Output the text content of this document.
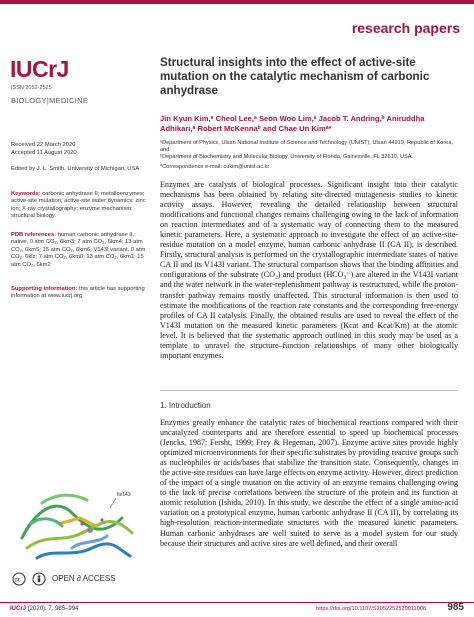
research papers
IUCrJ
ISSN 2052-2525
BIOLOGY|MEDICINE
Received 22 March 2020
Accepted 11 August 2020
Edited by J. L. Smith, University of Michigan, USA
Keywords: carbonic anhydrase II; metalloenzymes; active-site mutation; active-site water dynamics; zinc ion; X-ray crystallography; enzyme mechanism; structural biology.
PDB references: human carbonic anhydrase II, native, 0 atm CO₂, 6km3; 7 atm CO₂, 6km4; 13 atm CO₂, 6km5; 15 atm CO₂, 6km6; V143I variant, 0 atm CO₂, 6klz; 7 atm CO₂, 6km0; 13 atm CO₂, 6km1; 15 atm CO₂, 6km2
Supporting information: this article has supporting information at www.iucrj.org
Structural insights into the effect of active-site mutation on the catalytic mechanism of carbonic anhydrase
Jin Kyun Kim,ᵃ Cheol Lee,ᵃ Seon Woo Lim,ᵃ Jacob T. Andring,ᵇ Aniruddha Adhikari,ᵃ Robert McKennaᵇ and Chae Un Kimᵃ*
ᵃDepartment of Physics, Ulsan National Institute of Science and Technology (UNIST), Ulsan 44919, Republic of Korea, and
ᵇDepartment of Biochemistry and Molecular Biology, University of Florida, Gainesville, FL 32610, USA.
*Correspondence e-mail: cukim@unist.ac.kr
Enzymes are catalysts of biological processes. Significant insight into their catalytic mechanisms has been obtained by relating site-directed mutagenesis studies to kinetic activity assays. However, revealing the detailed relationship between structural modifications and functional changes remains challenging owing to the lack of information on reaction intermediates and of a systematic way of connecting them to the measured kinetic parameters. Here, a systematic approach to investigate the effect of an active-site-residue mutation on a model enzyme, human carbonic anhydrase II (CA II), is described. Firstly, structural analysis is performed on the crystallographic intermediate states of native CA II and its V143I variant. The structural comparison shows that the binding affinities and configurations of the substrate (CO₂) and product (HCO₃⁻) are altered in the V143I variant and the water network in the water-replenishment pathway is restructured, while the proton-transfer pathway remains mostly unaffected. This structural information is then used to estimate the modifications of the reaction rate constants and the corresponding free-energy profiles of CA II catalysis. Finally, the obtained results are used to reveal the effect of the V143I mutation on the measured kinetic parameters (Kcat and Kcat/Km) at the atomic level. It is believed that the systematic approach outlined in this study may be used as a template to unravel the structure–function relationships of many other biologically important enzymes.
1. Introduction
Enzymes greatly enhance the catalytic rates of biochemical reactions compared with their uncatalyzed counterparts and are therefore essential to speed up biochemical processes (Jencks, 1987; Fersht, 1999; Frey & Hegeman, 2007). Enzyme active sites provide highly optimized microenvironments for their specific substrates by providing reactive groups such as nucleophiles or acids/bases that stabilize the transition state. Consequently, changes in the active-site residues can have large effects on enzyme activity. However, direct prediction of the impact of a single mutation on the activity of an enzyme remains challenging owing to the lack of precise correlations between the structure of the protein and its function at atomic resolution (Ishida, 2010). In this study, we describe the effect of a single amino-acid variation on a prototypical enzyme, human carbonic anhydrase II (CA II), by correlating its high-resolution reaction-intermediate structures with the measured kinetic parameters. Human carbonic anhydrases are well suited to serve as a model system for our study because their structures and active sites are well defined, and their overall
Ile143
cc
	OPEN ∂ ACCESS
IUCrJ (2020). 7, 985–994	https://doi.org/10.1107/S2052252520011008 985
